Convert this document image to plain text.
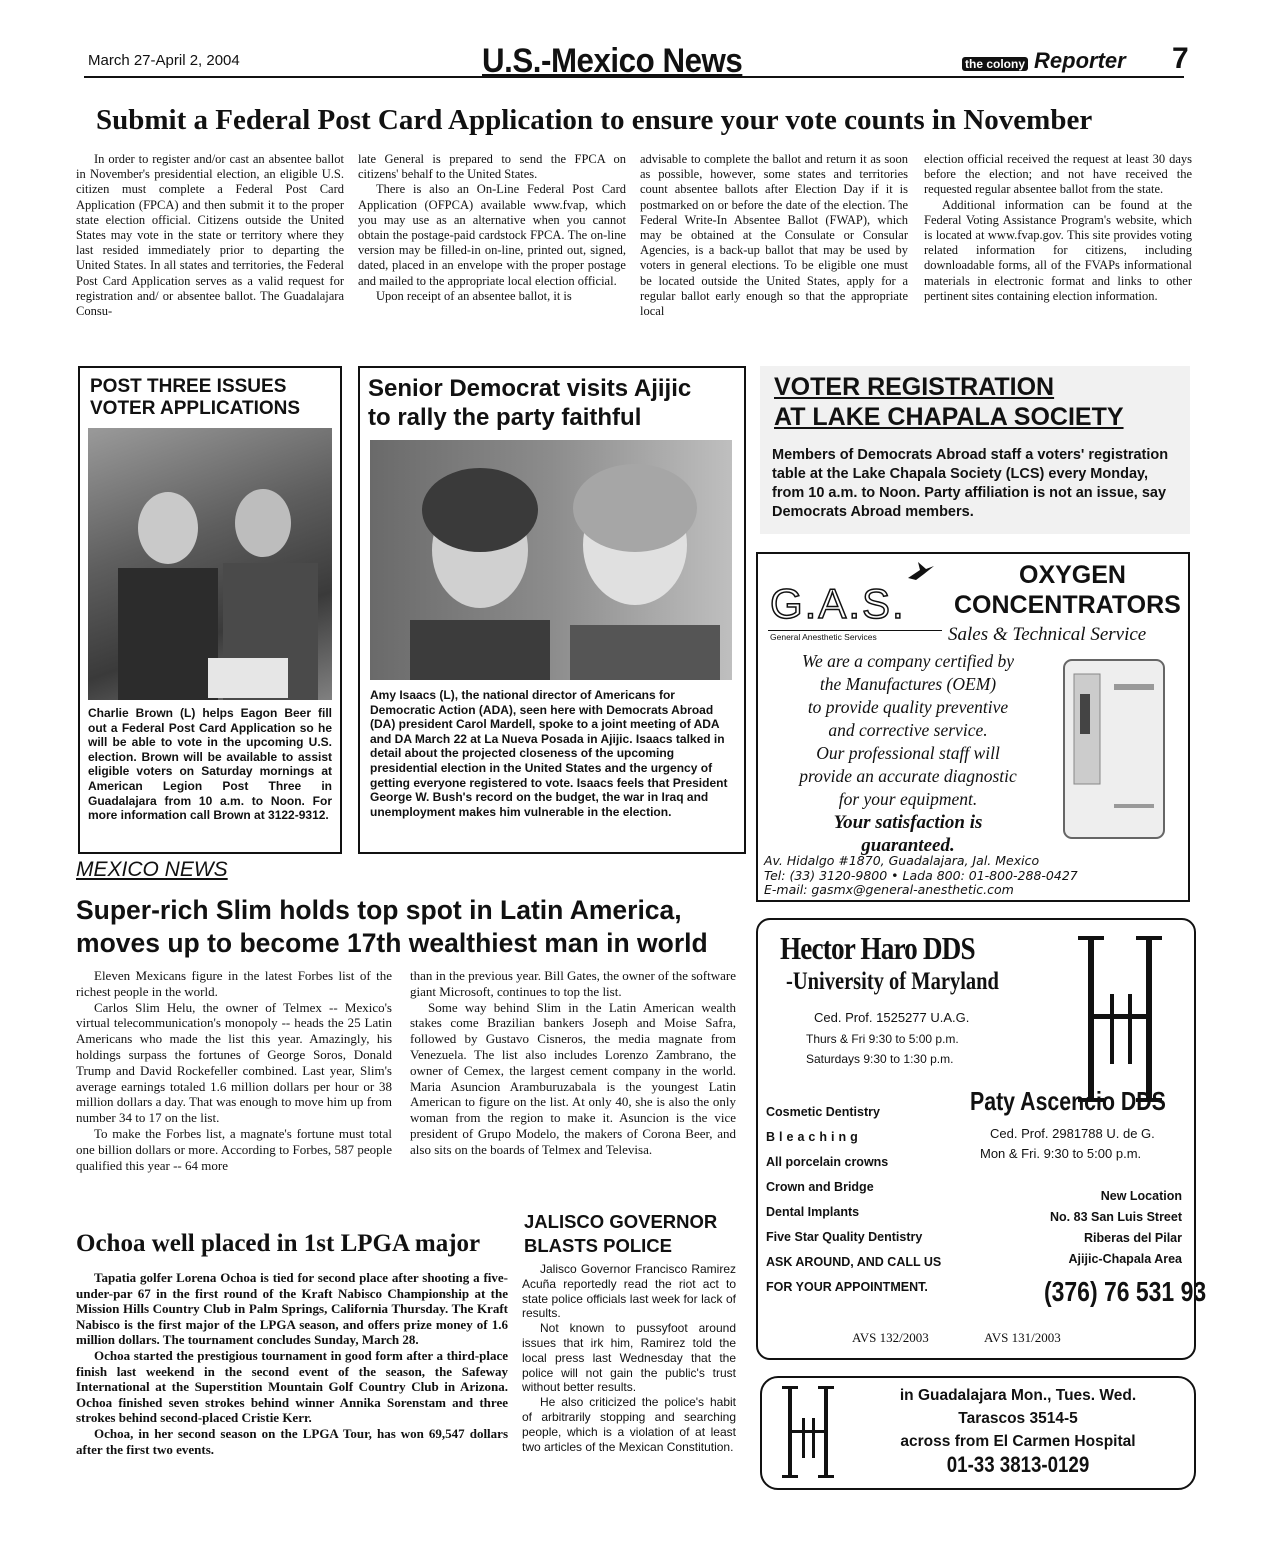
March 27-April 2, 2004	U.S.-Mexico News	the colony Reporter	7
Submit a Federal Post Card Application to ensure your vote counts in November

In order to register and/or cast an absentee ballot in November's presidential election, an eligible U.S. citizen must complete a Federal Post Card Application (FPCA) and then submit it to the proper state election official. Citizens outside the United States may vote in the state or territory where they last resided immediately prior to departing the United States. In all states and territories, the Federal Post Card Application serves as a valid request for registration and/ or absentee ballot. The Guadalajara Consu-

late General is prepared to send the FPCA on citizens' behalf to the United States.

There is also an On-Line Federal Post Card Application (OFPCA) available www.fvap, which you may use as an alternative when you cannot obtain the postage-paid cardstock FPCA. The on-line version may be filled-in on-line, printed out, signed, dated, placed in an envelope with the proper postage and mailed to the appropriate local election official.

Upon receipt of an absentee ballot, it is

advisable to complete the ballot and return it as soon as possible, however, some states and territories count absentee ballots after Election Day if it is postmarked on or before the date of the election. The Federal Write-In Absentee Ballot (FWAP), which may be obtained at the Consulate or Consular Agencies, is a back-up ballot that may be used by voters in general elections. To be eligible one must be located outside the United States, apply for a regular ballot early enough so that the appropriate local

election official received the request at least 30 days before the election; and not have received the requested regular absentee ballot from the state.

Additional information can be found at the Federal Voting Assistance Program's website, which is located at www.fvap.gov. This site provides voting related information for citizens, including downloadable forms, all of the FVAPs informational materials in electronic format and links to other pertinent sites containing election information.

POST THREE ISSUES
VOTER APPLICATIONS
Charlie Brown (L) helps Eagon Beer fill out a Federal Post Card Application so he will be able to vote in the upcoming U.S. election. Brown will be available to assist eligible voters on Saturday mornings at American Legion Post Three in Guadalajara from 10 a.m. to Noon. For more information call Brown at 3122-9312.
Senior Democrat visits Ajijic
to rally the party faithful
Amy Isaacs (L), the national director of Americans for Democratic Action (ADA), seen here with Democrats Abroad (DA) president Carol Mardell, spoke to a joint meeting of ADA and DA March 22 at La Nueva Posada in Ajijic. Isaacs talked in detail about the projected closeness of the upcoming presidential election in the United States and the urgency of getting everyone registered to vote. Isaacs feels that President George W. Bush's record on the budget, the war in Iraq and unemployment makes him vulnerable in the election.
VOTER REGISTRATION
AT LAKE CHAPALA SOCIETY
Members of Democrats Abroad staff a voters' registration table at the Lake Chapala Society (LCS) every Monday, from 10 a.m. to Noon. Party affiliation is not an issue, say Democrats Abroad members.
G.A.S.
General Anesthetic Services
OXYGEN
CONCENTRATORS
Sales & Technical Service
We are a company certified by
the Manufactures (OEM)
to provide quality preventive
and corrective service.
Our professional staff will
provide an accurate diagnostic
for your equipment.
Your satisfaction is
guaranteed.
Av. Hidalgo #1870, Guadalajara, Jal. Mexico
Tel: (33) 3120-9800 • Lada 800: 01-800-288-0427
E-mail: gasmx@general-anesthetic.com
MEXICO NEWS
Super-rich Slim holds top spot in Latin America,
moves up to become 17th wealthiest man in world

Eleven Mexicans figure in the latest Forbes list of the richest people in the world.

Carlos Slim Helu, the owner of Telmex -- Mexico's virtual telecommunication's monopoly -- heads the 25 Latin Americans who made the list this year. Amazingly, his holdings surpass the fortunes of George Soros, Donald Trump and David Rockefeller combined. Last year, Slim's average earnings totaled 1.6 million dollars per hour or 38 million dollars a day. That was enough to move him up from number 34 to 17 on the list.

To make the Forbes list, a magnate's fortune must total one billion dollars or more. According to Forbes, 587 people qualified this year -- 64 more

than in the previous year. Bill Gates, the owner of the software giant Microsoft, continues to top the list.

Some way behind Slim in the Latin American wealth stakes come Brazilian bankers Joseph and Moise Safra, followed by Gustavo Cisneros, the media magnate from Venezuela. The list also includes Lorenzo Zambrano, the owner of Cemex, the largest cement company in the world. Maria Asuncion Aramburuzabala is the youngest Latin American to figure on the list. At only 40, she is also the only woman from the region to make it. Asuncion is the vice president of Grupo Modelo, the makers of Corona Beer, and also sits on the boards of Telmex and Televisa.

Hector Haro DDS
-University of Maryland
Ced. Prof. 1525277 U.A.G.
Thurs & Fri 9:30 to 5:00 p.m.
Saturdays 9:30 to 1:30 p.m.
Cosmetic Dentistry
Bleaching
All porcelain crowns
Crown and Bridge
Dental Implants
Five Star Quality Dentistry
ASK AROUND, AND CALL US
FOR YOUR APPOINTMENT.
Paty Ascencio DDS
Ced. Prof. 2981788 U. de G.
Mon & Fri. 9:30 to 5:00 p.m.
New Location
No. 83 San Luis Street
Riberas del Pilar
Ajijic-Chapala Area
(376) 76 531 93
AVS 132/2003	AVS 131/2003
in Guadalajara Mon., Tues. Wed.
Tarascos 3514-5
across from El Carmen Hospital
01-33 3813-0129
Ochoa well placed in 1st LPGA major

Tapatia golfer Lorena Ochoa is tied for second place after shooting a five-under-par 67 in the first round of the Kraft Nabisco Championship at the Mission Hills Country Club in Palm Springs, California Thursday. The Kraft Nabisco is the first major of the LPGA season, and offers prize money of 1.6 million dollars. The tournament concludes Sunday, March 28.

Ochoa started the prestigious tournament in good form after a third-place finish last weekend in the second event of the season, the Safeway International at the Superstition Mountain Golf Country Club in Arizona. Ochoa finished seven strokes behind winner Annika Sorenstam and three strokes behind second-placed Cristie Kerr.

Ochoa, in her second season on the LPGA Tour, has won 69,547 dollars after the first two events.

JALISCO GOVERNOR
BLASTS POLICE

Jalisco Governor Francisco Ramirez Acuña reportedly read the riot act to state police officials last week for lack of results.

Not known to pussyfoot around issues that irk him, Ramirez told the local press last Wednesday that the police will not gain the public's trust without better results.

He also criticized the police's habit of arbitrarily stopping and searching people, which is a violation of at least two articles of the Mexican Constitution.
